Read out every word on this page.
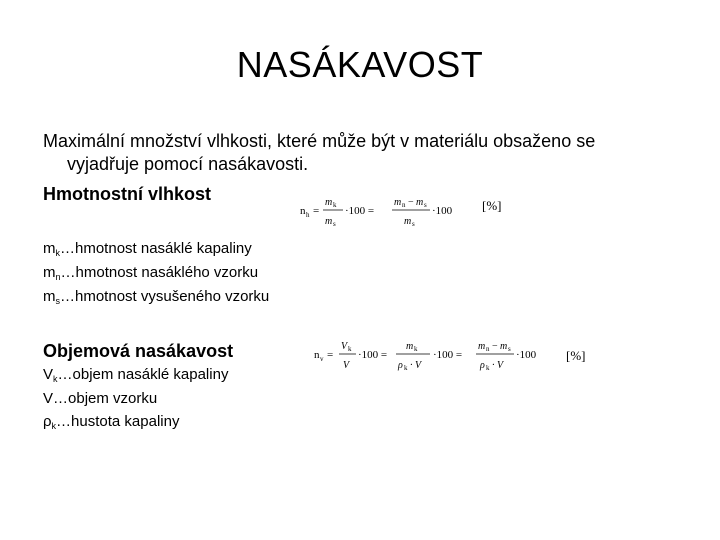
NASÁKAVOST
Maximální množství vlhkosti, které může být v materiálu obsaženo se
vyjadřuje pomocí nasákavosti.
Hmotnostní vlhkost
n h =
m k
m s
·100 =
m n − m s
m s
·100 [%]
$m_k\dots hmotnost$ nasáklé kapaliny
$m_n\dots hmotnost$ nasáklého vzorku
$m_s\dots hmotnost$ vysušeného vzorku
Objemová nasákavost	n v =
V k
V
·100 =
m k
ρ k · V
·100 =
m n − m s
ρ k · V
·100 [%]
$V_k\dots objem$ nasáklé kapaliny
V…objem vzorku
$\rho_k\dots hustota$ kapaliny
